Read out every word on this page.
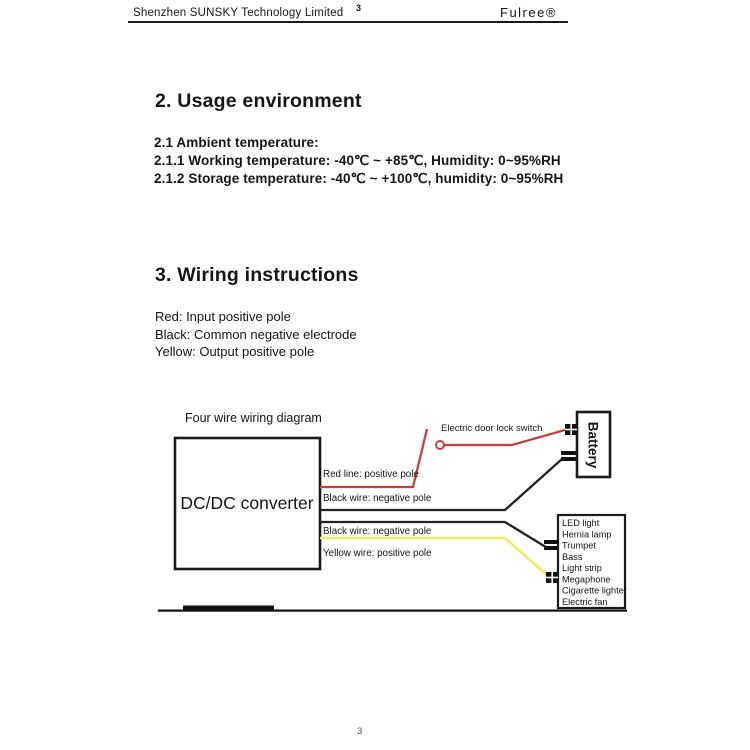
Shenzhen SUNSKY Technology Limited 3	Fulree®
2. Usage environment
2.1 Ambient temperature:
2.1.1 Working temperature: -40℃ ~ +85℃, Humidity: 0~95%RH
2.1.2 Storage temperature: -40℃ ~ +100℃, humidity: 0~95%RH
3. Wiring instructions
Red: Input positive pole
Black: Common negative electrode
Yellow: Output positive pole
Four wire wiring diagram
DC/DC converter
Electric door lock switch
Red line: positive pole
Black wire: negative pole
Black wire: negative pole
Yellow wire: positive pole
Battery
LED light
Hernia lamp
Trumpet
Bass
Light strip
Megaphone
Cigarette lighter
Electric fan
3
